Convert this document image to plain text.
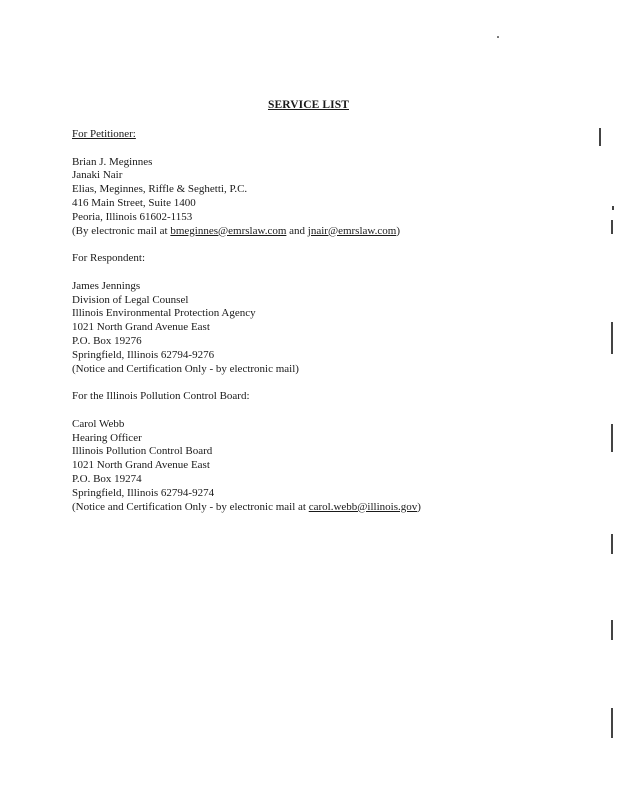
SERVICE LIST
For Petitioner:
Brian J. Meginnes
Janaki Nair
Elias, Meginnes, Riffle & Seghetti, P.C.
416 Main Street, Suite 1400
Peoria, Illinois 61602-1153
(By electronic mail at bmeginnes@emrslaw.com and jnair@emrslaw.com)
For Respondent:
James Jennings
Division of Legal Counsel
Illinois Environmental Protection Agency
1021 North Grand Avenue East
P.O. Box 19276
Springfield, Illinois 62794-9276
(Notice and Certification Only - by electronic mail)
For the Illinois Pollution Control Board:
Carol Webb
Hearing Officer
Illinois Pollution Control Board
1021 North Grand Avenue East
P.O. Box 19274
Springfield, Illinois 62794-9274
(Notice and Certification Only - by electronic mail at carol.webb@illinois.gov)
